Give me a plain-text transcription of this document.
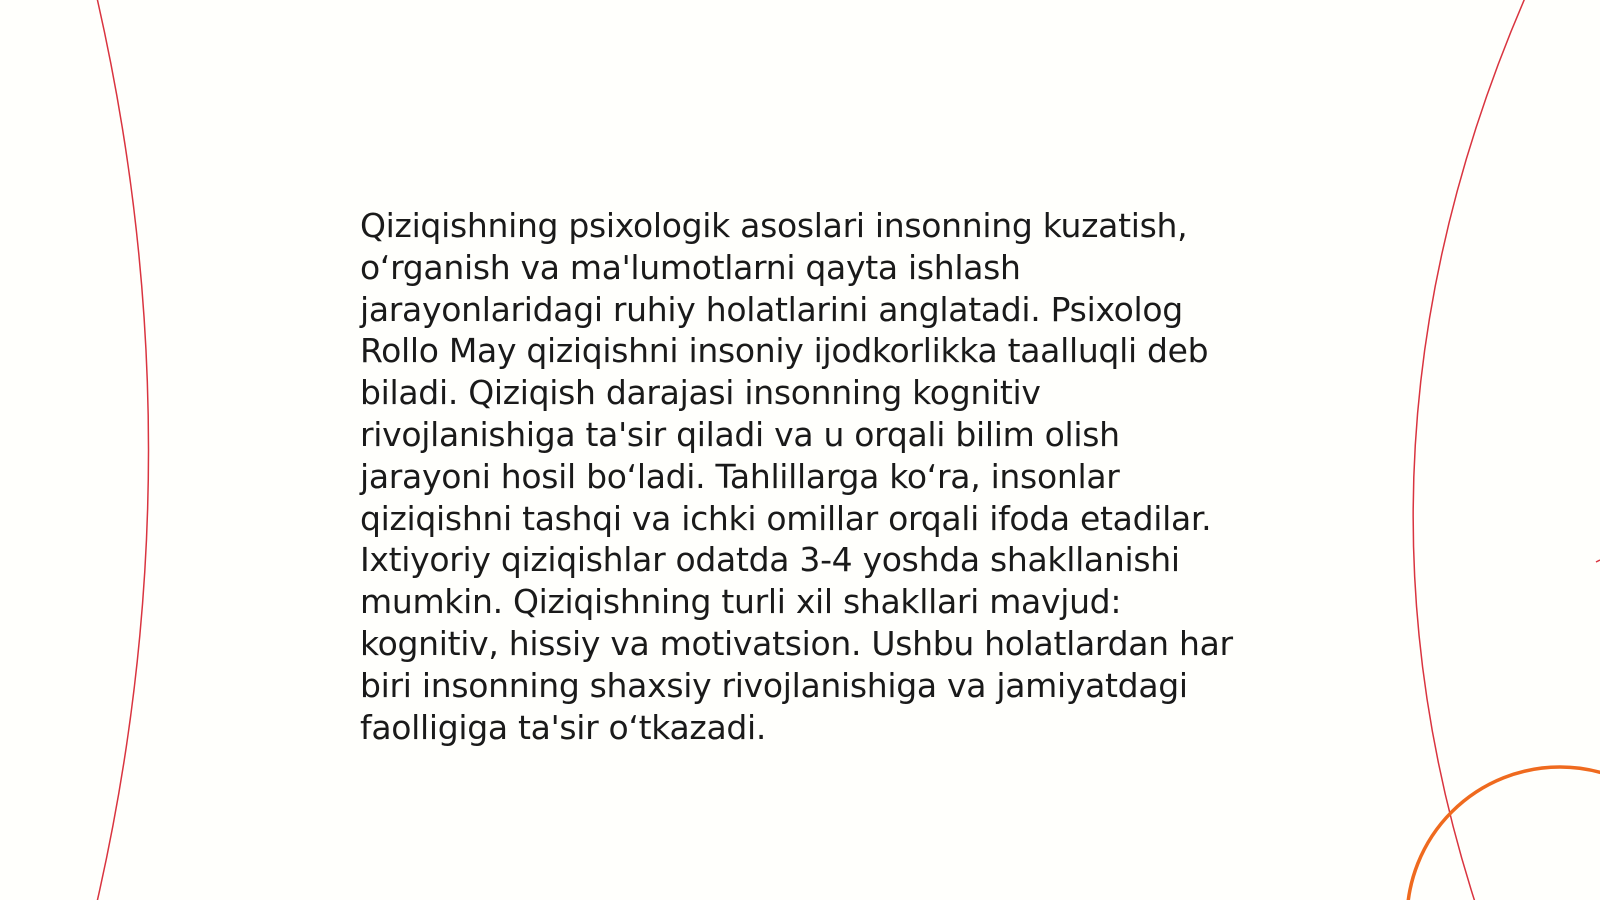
Qiziqishning psixologik asoslari insonning kuzatish,
o‘rganish va ma'lumotlarni qayta ishlash
jarayonlaridagi ruhiy holatlarini anglatadi. Psixolog
Rollo May qiziqishni insoniy ijodkorlikka taalluqli deb
biladi. Qiziqish darajasi insonning kognitiv
rivojlanishiga ta'sir qiladi va u orqali bilim olish
jarayoni hosil bo‘ladi. Tahlillarga ko‘ra, insonlar
qiziqishni tashqi va ichki omillar orqali ifoda etadilar.
Ixtiyoriy qiziqishlar odatda 3-4 yoshda shakllanishi
mumkin. Qiziqishning turli xil shakllari mavjud:
kognitiv, hissiy va motivatsion. Ushbu holatlardan har
biri insonning shaxsiy rivojlanishiga va jamiyatdagi
faolligiga ta'sir o‘tkazadi.
